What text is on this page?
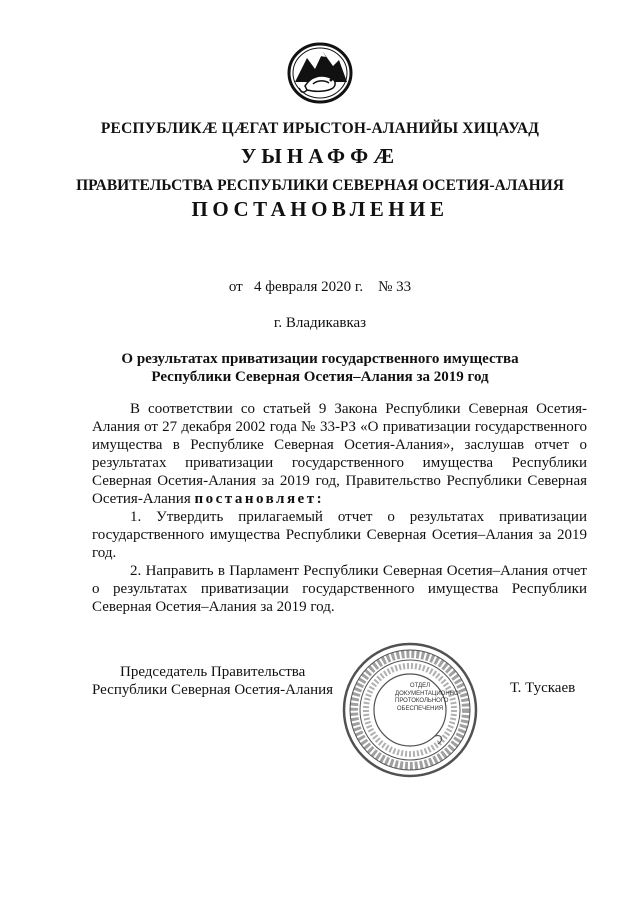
РЕСПУБЛИКӔ ЦӔГАТ ИРЫСТОН-АЛАНИЙЫ ХИЦАУАД
УЫНАФФӔ
ПРАВИТЕЛЬСТВА РЕСПУБЛИКИ СЕВЕРНАЯ ОСЕТИЯ-АЛАНИЯ
ПОСТАНОВЛЕНИЕ
от 4 февраля 2020 г. № 33
г. Владикавказ
О результатах приватизации государственного имущества
Республики Северная Осетия–Алания за 2019 год

В соответствии со статьей 9 Закона Республики Северная Осетия-Алания от 27 декабря 2002 года № 33-РЗ «О приватизации государственного имущества в Республике Северная Осетия-Алания», заслушав отчет о результатах приватизации государственного имущества Республики Северная Осетия-Алания за 2019 год, Правительство Республики Северная Осетия-Алания постановляет:

1. Утвердить прилагаемый отчет о результатах приватизации государственного имущества Республики Северная Осетия–Алания за 2019 год.

2. Направить в Парламент Республики Северная Осетия–Алания отчет о результатах приватизации государственного имущества Республики Северная Осетия–Алания за 2019 год.

Председатель Правительства
Республики Северная Осетия-Алания	ОТДЕЛ
ДОКУМЕНТАЦИОННО-
ПРОТОКОЛЬНОГО
ОБЕСПЕЧЕНИЯ
Т. Тускаев
